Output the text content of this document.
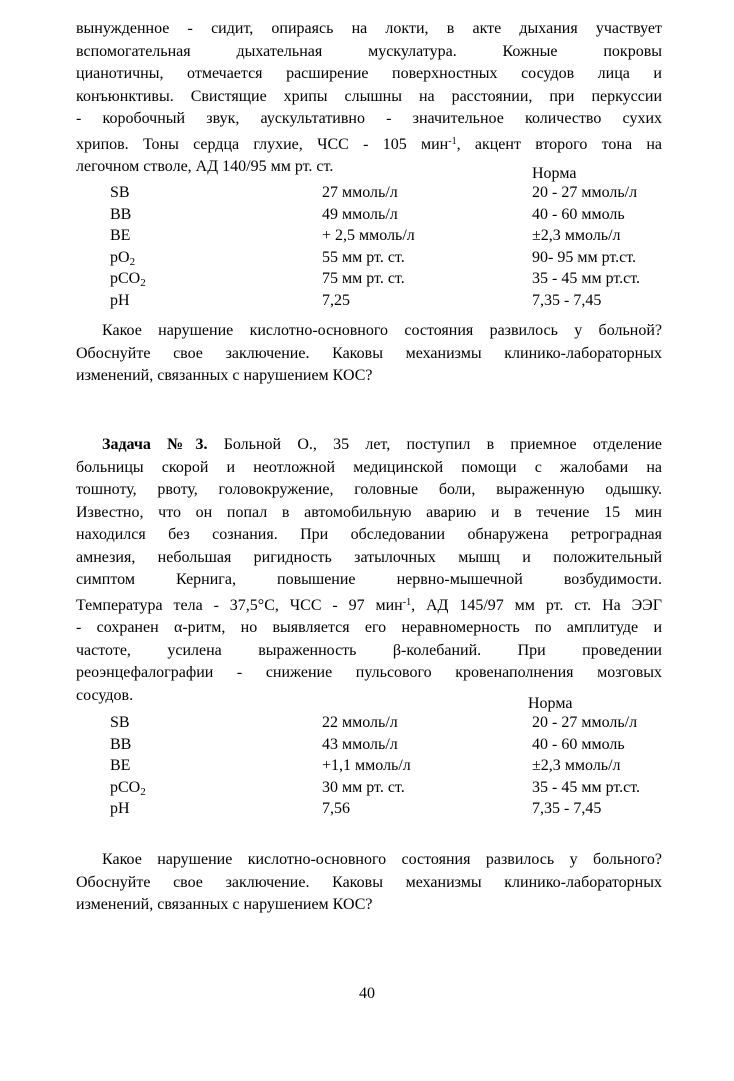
вынужденное - сидит, опираясь на локти, в акте дыхания участвует
вспомогательная дыхательная мускулатура. Кожные покровы
цианотичны, отмечается расширение поверхностных сосудов лица и
конъюнктивы. Свистящие хрипы слышны на расстоянии, при перкуссии
- коробочный звук, аускультативно - значительное количество сухих
хрипов. Тоны сердца глухие, ЧСС - 105 мин$^{-1}$, акцент второго тона на
легочном стволе, АД 140/95 мм рт. ст.	Норма
SB	27 ммоль/л	20 - 27 ммоль/л
BB	49 ммоль/л	40 - 60 ммоль
BE	+ 2,5 ммоль/л	±2,3 ммоль/л
$pO_2$	55 мм рт. ст.	90- 95 мм рт.ст.
pCO$_2$	75 мм рт. ст.	35 - 45 мм рт.ст.
pH	7,25	7,35 - 7,45
Какое нарушение кислотно-основного состояния развилось у больной?
Обоснуйте свое заключение. Каковы механизмы клинико-лабораторных
изменений, связанных с нарушением КОС?
Задача №3. Больной О., 35 лет, поступил в приемное отделение
больницы скорой и неотложной медицинской помощи с жалобами на
тошноту, рвоту, головокружение, головные боли, выраженную одышку.
Известно, что он попал в автомобильную аварию и в течение 15 мин
находился без сознания. При обследовании обнаружена ретроградная
амнезия, небольшая ригидность затылочных мышц и положительный
симптом Кернига, повышение нервно-мышечной возбудимости.
Температура тела - 37,5°С, ЧСС - 97 мин$^{-1}$, АД 145/97 мм рт. ст. На ЭЭГ
- сохранен α-ритм, но выявляется его неравномерность по амплитуде и
частоте, усилена выраженность β-колебаний. При проведении
реоэнцефалографии - снижение пульсового кровенаполнения мозговых
сосудов.	Норма
SB	22 ммоль/л	20 - 27 ммоль/л
BB	43 ммоль/л	40 - 60 ммоль
BE	+1,1 ммоль/л	±2,3 ммоль/л
pCO$_2$	30 мм рт. ст.	35 - 45 мм рт.ст.
pH	7,56	7,35 - 7,45
Какое нарушение кислотно-основного состояния развилось у больного?
Обоснуйте свое заключение. Каковы механизмы клинико-лабораторных
изменений, связанных с нарушением КОС?
40
